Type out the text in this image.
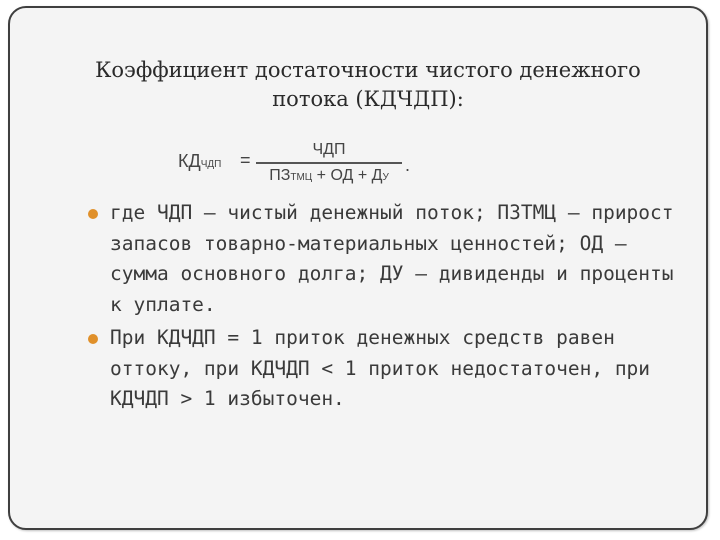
Коэффициент достаточности чистого денежного потока (КДЧДП):
КДЧДП =
ЧДП
ПЗТМЦ + ОД + ДУ
.
где ЧДП – чистый денежный поток; ПЗТМЦ – прирост запасов товарно-материальных ценностей; ОД – сумма основного долга; ДУ – дивиденды и проценты к уплате.
При КДЧДП = 1 приток денежных средств равен оттоку, при КДЧДП < 1 приток недостаточен, при КДЧДП > 1 избыточен.
